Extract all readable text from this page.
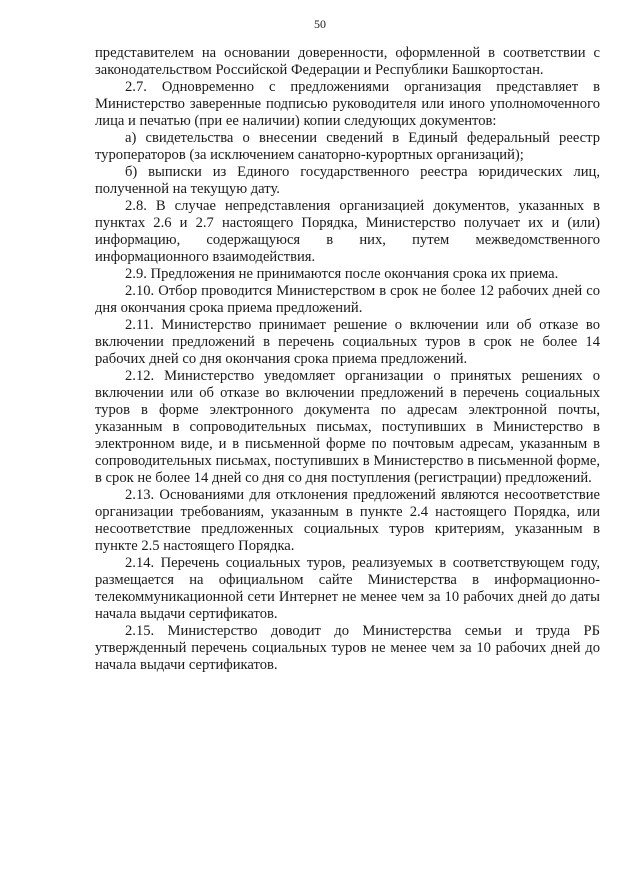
50

представителем на основании доверенности, оформленной в соответствии с законодательством Российской Федерации и Республики Башкортостан.

2.7. Одновременно с предложениями организация представляет в Министерство заверенные подписью руководителя или иного уполномоченного лица и печатью (при ее наличии) копии следующих документов:

а) свидетельства о внесении сведений в Единый федеральный реестр туроператоров (за исключением санаторно-курортных организаций);

б) выписки из Единого государственного реестра юридических лиц, полученной на текущую дату.

2.8. В случае непредставления организацией документов, указанных в пунктах 2.6 и 2.7 настоящего Порядка, Министерство получает их и (или) информацию, содержащуюся в них, путем межведомственного информационного взаимодействия.

2.9. Предложения не принимаются после окончания срока их приема.

2.10. Отбор проводится Министерством в срок не более 12 рабочих дней со дня окончания срока приема предложений.

2.11. Министерство принимает решение о включении или об отказе во включении предложений в перечень социальных туров в срок не более 14 рабочих дней со дня окончания срока приема предложений.

2.12. Министерство уведомляет организации о принятых решениях о включении или об отказе во включении предложений в перечень социальных туров в форме электронного документа по адресам электронной почты, указанным в сопроводительных письмах, поступивших в Министерство в электронном виде, и в письменной форме по почтовым адресам, указанным в сопроводительных письмах, поступивших в Министерство в письменной форме, в срок не более 14 дней со дня со дня поступления (регистрации) предложений.

2.13. Основаниями для отклонения предложений являются несоответствие организации требованиям, указанным в пункте 2.4 настоящего Порядка, или несоответствие предложенных социальных туров критериям, указанным в пункте 2.5 настоящего Порядка.

2.14. Перечень социальных туров, реализуемых в соответствующем году, размещается на официальном сайте Министерства в информационно-телекоммуникационной сети Интернет не менее чем за 10 рабочих дней до даты начала выдачи сертификатов.

2.15. Министерство доводит до Министерства семьи и труда РБ утвержденный перечень социальных туров не менее чем за 10 рабочих дней до начала выдачи сертификатов.
